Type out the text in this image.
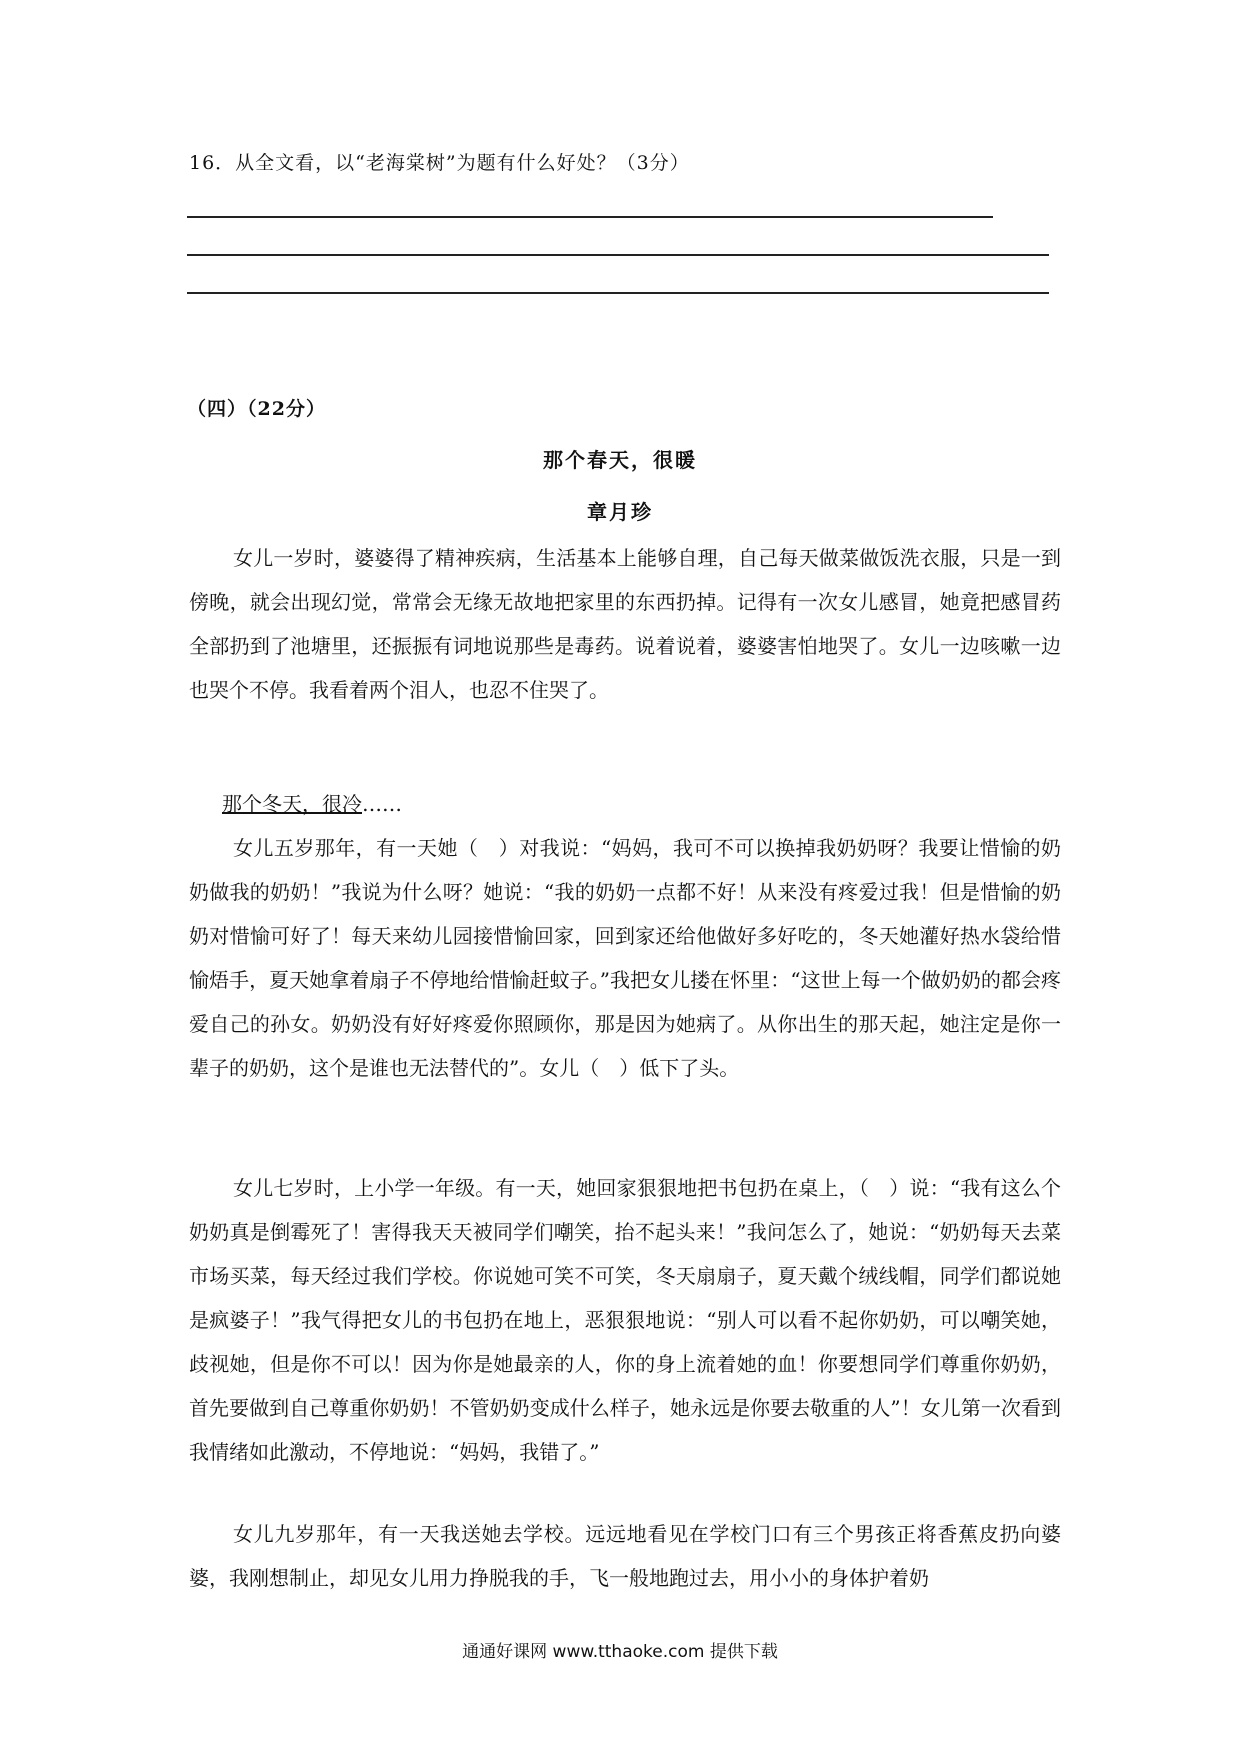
16．从全文看，以“老海棠树”为题有什么好处？（3分）
（四）（22分）
那个春天，很暖
章月珍
女儿一岁时，婆婆得了精神疾病，生活基本上能够自理，自己每天做菜做饭洗衣服，只是一到傍晚，就会出现幻觉，常常会无缘无故地把家里的东西扔掉。记得有一次女儿感冒，她竟把感冒药全部扔到了池塘里，还振振有词地说那些是毒药。说着说着，婆婆害怕地哭了。女儿一边咳嗽一边也哭个不停。我看着两个泪人，也忍不住哭了。
那个冬天，很冷……
女儿五岁那年，有一天她（　）对我说：“妈妈，我可不可以换掉我奶奶呀？我要让惜愉的奶奶做我的奶奶！”我说为什么呀？她说：“我的奶奶一点都不好！从来没有疼爱过我！但是惜愉的奶奶对惜愉可好了！每天来幼儿园接惜愉回家，回到家还给他做好多好吃的，冬天她灌好热水袋给惜愉焐手，夏天她拿着扇子不停地给惜愉赶蚊子。”我把女儿搂在怀里：“这世上每一个做奶奶的都会疼爱自己的孙女。奶奶没有好好疼爱你照顾你，那是因为她病了。从你出生的那天起，她注定是你一辈子的奶奶，这个是谁也无法替代的”。女儿（　）低下了头。
女儿七岁时，上小学一年级。有一天，她回家狠狠地把书包扔在桌上，（　）说：“我有这么个奶奶真是倒霉死了！害得我天天被同学们嘲笑，抬不起头来！”我问怎么了，她说：“奶奶每天去菜市场买菜，每天经过我们学校。你说她可笑不可笑，冬天扇扇子，夏天戴个绒线帽，同学们都说她是疯婆子！”我气得把女儿的书包扔在地上，恶狠狠地说：“别人可以看不起你奶奶，可以嘲笑她，歧视她，但是你不可以！因为你是她最亲的人，你的身上流着她的血！你要想同学们尊重你奶奶，首先要做到自己尊重你奶奶！不管奶奶变成什么样子，她永远是你要去敬重的人”！女儿第一次看到我情绪如此激动，不停地说：“妈妈，我错了。”
女儿九岁那年，有一天我送她去学校。远远地看见在学校门口有三个男孩正将香蕉皮扔向婆婆，我刚想制止，却见女儿用力挣脱我的手，飞一般地跑过去，用小小的身体护着奶
通通好课网 www.tthaoke.com 提供下载
